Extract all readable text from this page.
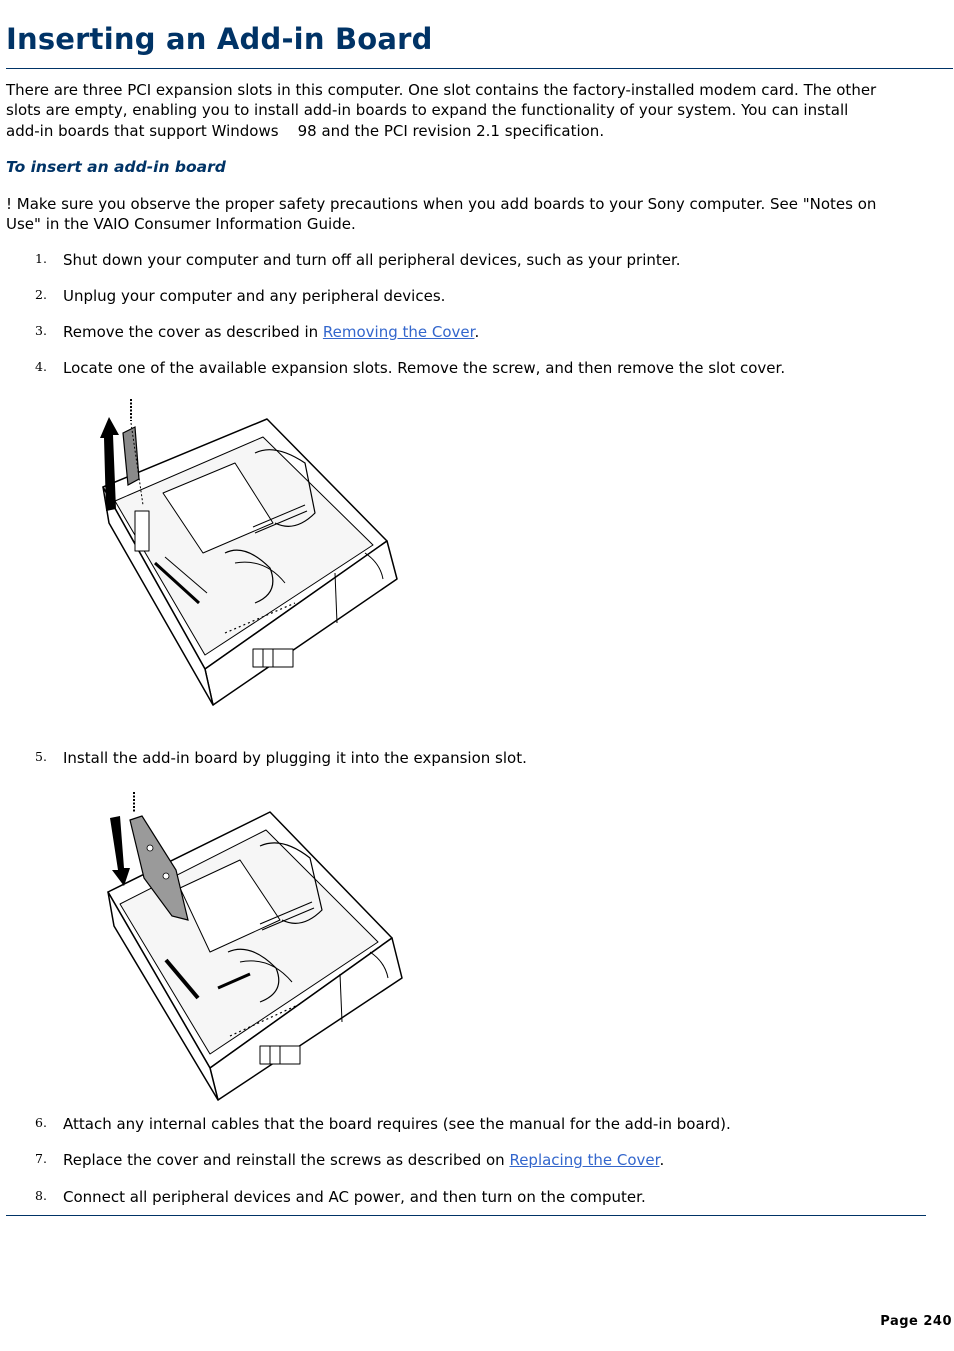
Inserting an Add-in Board

There are three PCI expansion slots in this computer. One slot contains the factory-installed modem card. The other

slots are empty, enabling you to install add-in boards to expand the functionality of your system. You can install

add-in boards that support Windows    98 and the PCI revision 2.1 specification.

To insert an add-in board

! Make sure you observe the proper safety precautions when you add boards to your Sony computer. See "Notes on

Use" in the VAIO Consumer Information Guide.

1. Shut down your computer and turn off all peripheral devices, such as your printer.
2. Unplug your computer and any peripheral devices.
3. Remove the cover as described in Removing the Cover.
4. Locate one of the available expansion slots. Remove the screw, and then remove the slot cover.
5. Install the add-in board by plugging it into the expansion slot.
6. Attach any internal cables that the board requires (see the manual for the add-in board).
7. Replace the cover and reinstall the screws as described on Replacing the Cover.
8. Connect all peripheral devices and AC power, and then turn on the computer.
Page 240
